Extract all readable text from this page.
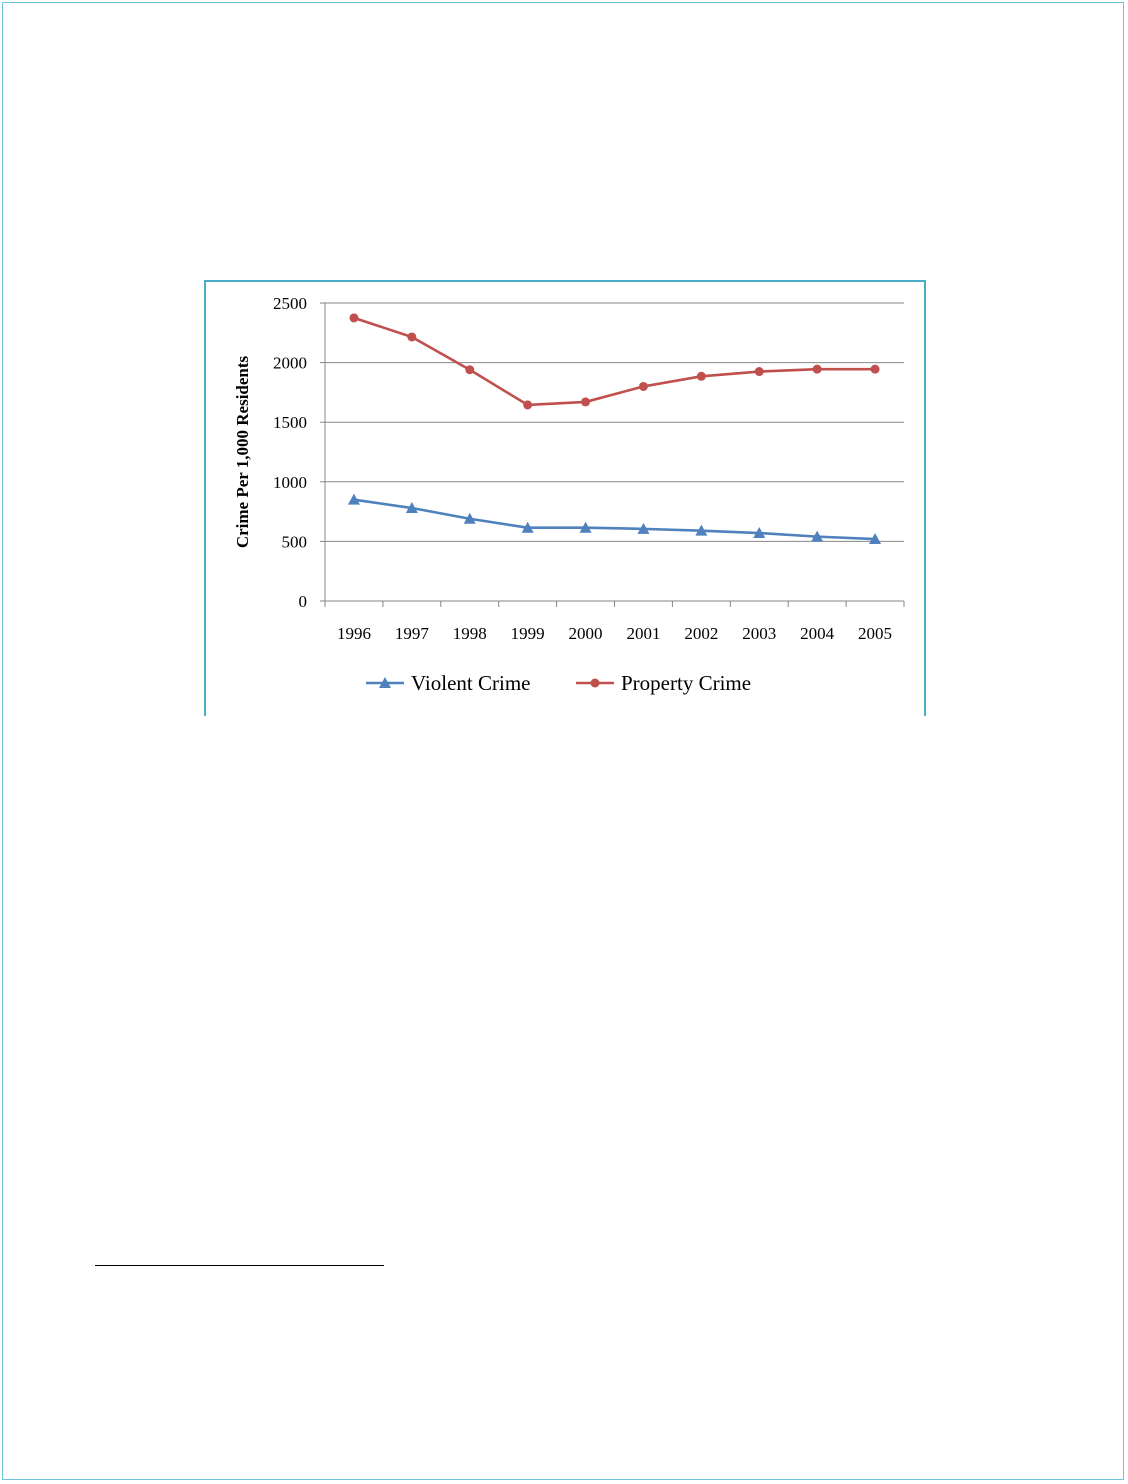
0
500
1000
1500
2000
2500
1996 1997 1998 1999 2000 2001 2002 2003 2004 2005
Crime Per 1,000 Residents
Violent Crime	Property Crime
